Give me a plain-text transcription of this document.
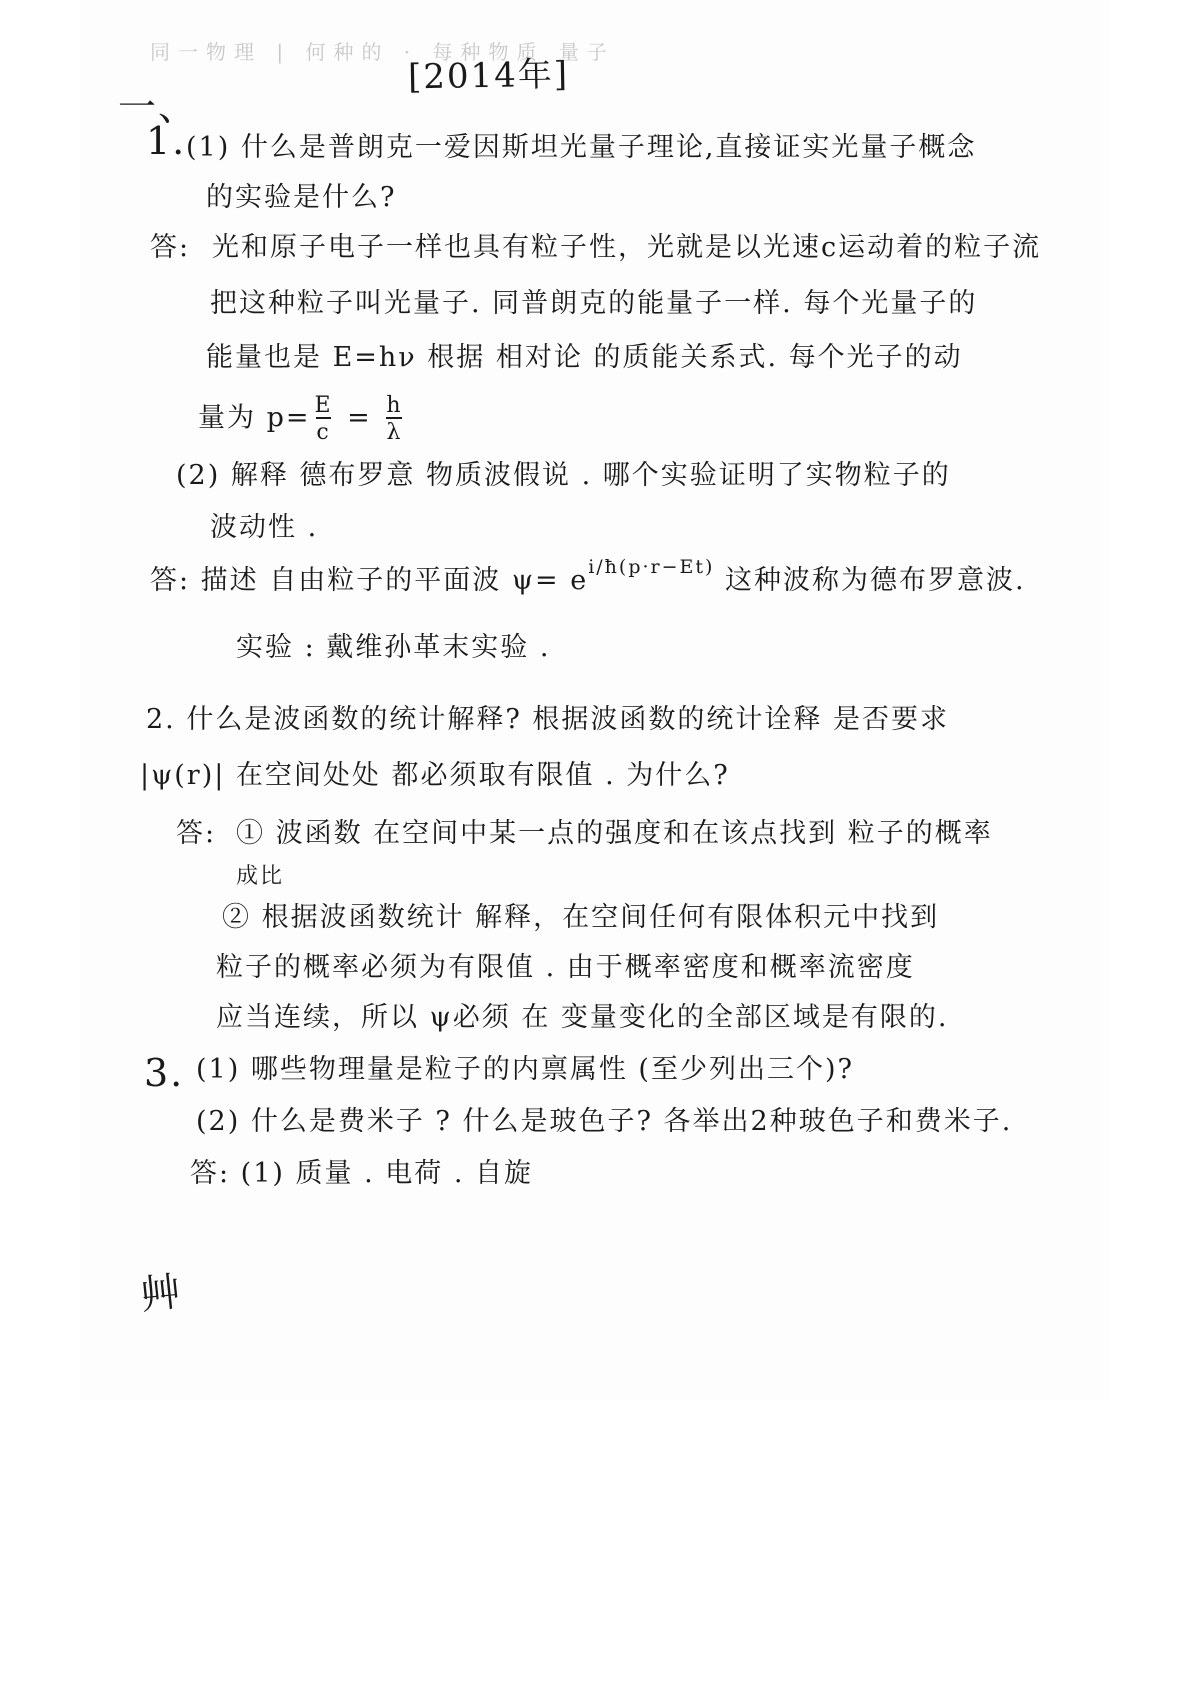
同一物理 | 何种的 · 每种物质 量子
[2014年]
一、
1. (1) 什么是普朗克一爱因斯坦光量子理论,直接证实光量子概念
的实验是什么?
答: 光和原子电子一样也具有粒子性，光就是以光速c运动着的粒子流
把这种粒子叫光量子. 同普朗克的能量子一样. 每个光量子的
能量也是 E=hν 根据 相对论 的质能关系式. 每个光子的动
量为 $p= \frac{E}{c} = \frac{h}{\lambda}$
(2) 解释 德布罗意 物质波假说 . 哪个实验证明了实物粒子的
波动性 .
答: 描述 自由粒子的平面波 $\psi= e^{i/ħ(p\cdot r-Et)}$ 这种波称为德布罗意波.
实验 : 戴维孙革末实验 .
2. 什么是波函数的统计解释? 根据波函数的统计诠释 是否要求
|ψ(r)| 在空间处处 都必须取有限值 . 为什么?
答: ① 波函数 在空间中某一点的强度和在该点找到 粒子的概率
成比
② 根据波函数统计 解释，在空间任何有限体积元中找到
粒子的概率必须为有限值 . 由于概率密度和概率流密度
应当连续，所以 ψ必须 在 变量变化的全部区域是有限的.
3. (1) 哪些物理量是粒子的内禀属性 (至少列出三个)?
(2) 什么是费米子 ? 什么是玻色子? 各举出2种玻色子和费米子.
答: (1) 质量 . 电荷 . 自旋
艸
